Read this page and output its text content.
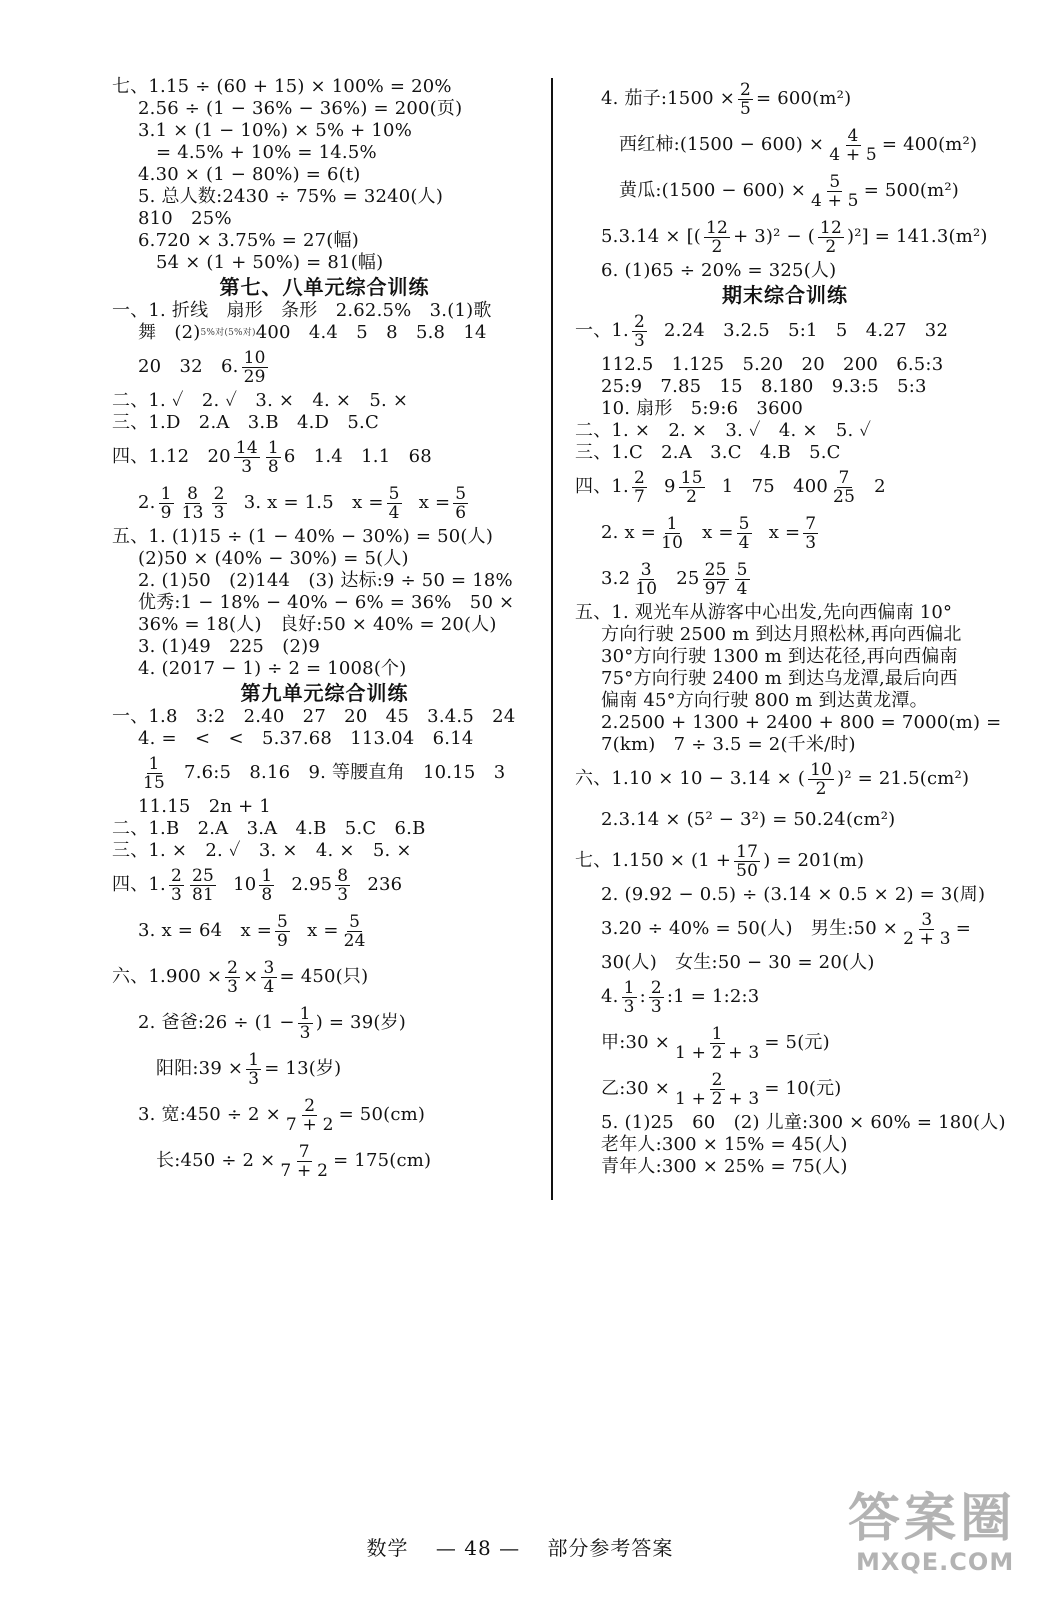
七、1.15 ÷ (60 + 15) × 100% = 20%
2.56 ÷ (1 − 36% − 36%) = 200(页)
3.1 × (1 − 10%) × 5% + 10%
= 4.5% + 10% = 14.5%
4.30 × (1 − 80%) = 6(t)
5. 总人数:2430 ÷ 75% = 3240(人)
810　25%
6.720 × 3.75% = 27(幅)
54 × (1 + 50%) = 81(幅)
第七、八单元综合训练
一、1. 折线　扇形　条形　2.62.5%　3.(1)歌
舞　(2) 5%对(5%对) 400　4.4　5　8　5.8　14
20　32　6. $\frac{10}{29}$
二、1. ✓　2. ✓　3. ×　4. ×　5. ×
三、1.D　2.A　3.B　4.D　5.C
四、1.12　$20 \frac{14}{3} \frac{1}{8} 6$　1.4　1.1　68
2. $\frac{1}{9} \frac{8}{13} \frac{2}{3} 3$. x = 1.5　$x = \frac{5}{4}$ $x = \frac{5}{6}$
五、1. (1)15 ÷ (1 − 40% − 30%) = 50(人)
(2)50 × (40% − 30%) = 5(人)
2. (1)50　(2)144　(3) 达标:9 ÷ 50 = 18%
优秀:1 − 18% − 40% − 6% = 36%　50 ×
36% = 18(人)　良好:50 × 40% = 20(人)
3. (1)49　225　(2)9
4. (2017 − 1) ÷ 2 = 1008(个)
第九单元综合训练
一、1.8　3:2　2.40　27　20　45　3.4.5　24
4. =　<　<　5.37.68　113.04　6.14
$\frac{1}{15}$ 7.6:5　8.16　9. 等腰直角　10.15　3
11.15　2n + 1
二、1.B　2.A　3.A　4.B　5.C　6.B
三、1. ×　2. ✓　3. ×　4. ×　5. ×
四、1. $\frac{2}{3} \frac{25}{81} 10 \frac{1}{8} 2.95 \frac{8}{3} 236$
3. x = 64　$x = \frac{5}{9}$ $x = \frac{5}{24}$
六、$1.900 \times \frac{2}{3} \times \frac{3}{4} = 450$(只)
2. 爸爸:26 ÷ ($1 - \frac{1}{3}$ ) = 39(岁)
阳阳:39 × $\frac{1}{3} = 13$(岁)
3. 宽:450 ÷ $2 \times \frac{2}{7 + 2} = 50(cm)$
长:450 ÷ $2 \times \frac{7}{7 + 2} = 175(cm)$
4. 茄子:1500 × $\frac{2}{5} = 600(m^2)$
西红柿:(1500 − $600) \times \frac{4}{4 + 5} = 400(m^2)$
黄瓜:(1500 − $600) \times \frac{5}{4 + 5} = 500(m^2)$
5.3.14 × [( $\frac{12}{2} + 3)^2$ − ( $\frac{12}{2} )^2] = 141.3(m^2)$
6. (1)65 ÷ 20% = 325(人)
期末综合训练
一、1. $\frac{2}{3} 2.24$　3.2.5　5:1　5　4.27　32
112.5　1.125　5.20　20　200　6.5:3
25:9　7.85　15　8.180　9.3:5　5:3
10. 扇形　5:9:6　3600
二、1. ×　2. ×　3. ✓　4. ×　5. ✓
三、1.C　2.A　3.C　4.B　5.C
四、1. $\frac{2}{7} 9 \frac{15}{2} 1$　75　$400 \frac{7}{25} 2$
2. $x = \frac{1}{10}$ $x = \frac{5}{4}$ $x = \frac{7}{3}$
$3.2 \frac{3}{10} 25 \frac{25}{97} \frac{5}{4}$
五、1. 观光车从游客中心出发,先向西偏南 10°
方向行驶 2500 m 到达月照松林,再向西偏北
30°方向行驶 1300 m 到达花径,再向西偏南
75°方向行驶 2400 m 到达乌龙潭,最后向西
偏南 45°方向行驶 800 m 到达黄龙潭。
2.2500 + 1300 + 2400 + 800 = 7000(m) =
7(km)　7 ÷ 3.5 = 2(千米/时)
六、1.10 × 10 − 3.14 × ( $\frac{10}{2} )^2 = 21.5(cm^2)$
2.3.14 × (5² − 3²) = 50.24(cm²)
七、$1.150 \times (1 + \frac{17}{50}$ ) = 201(m)
2. (9.92 − 0.5) ÷ (3.14 × 0.5 × 2) = 3(周)
3.20 ÷ 40% = 50(人)　男生:50 × $\frac{3}{2 + 3}$ =
30(人)　女生:50 − 30 = 20(人)
4. $\frac{1}{3}$ : $\frac{2}{3}$ :1 = 1:2:3
甲:30 × $\frac{1}{1 + 2 + 3} = 5$(元)
乙:30 × $\frac{2}{1 + 2 + 3} = 10$(元)
5. (1)25　60　(2) 儿童:300 × 60% = 180(人)
老年人:300 × 15% = 45(人)
青年人:300 × 25% = 75(人)
数学 — 48 — 部分参考答案	答 案 圈
MXQE.COM
